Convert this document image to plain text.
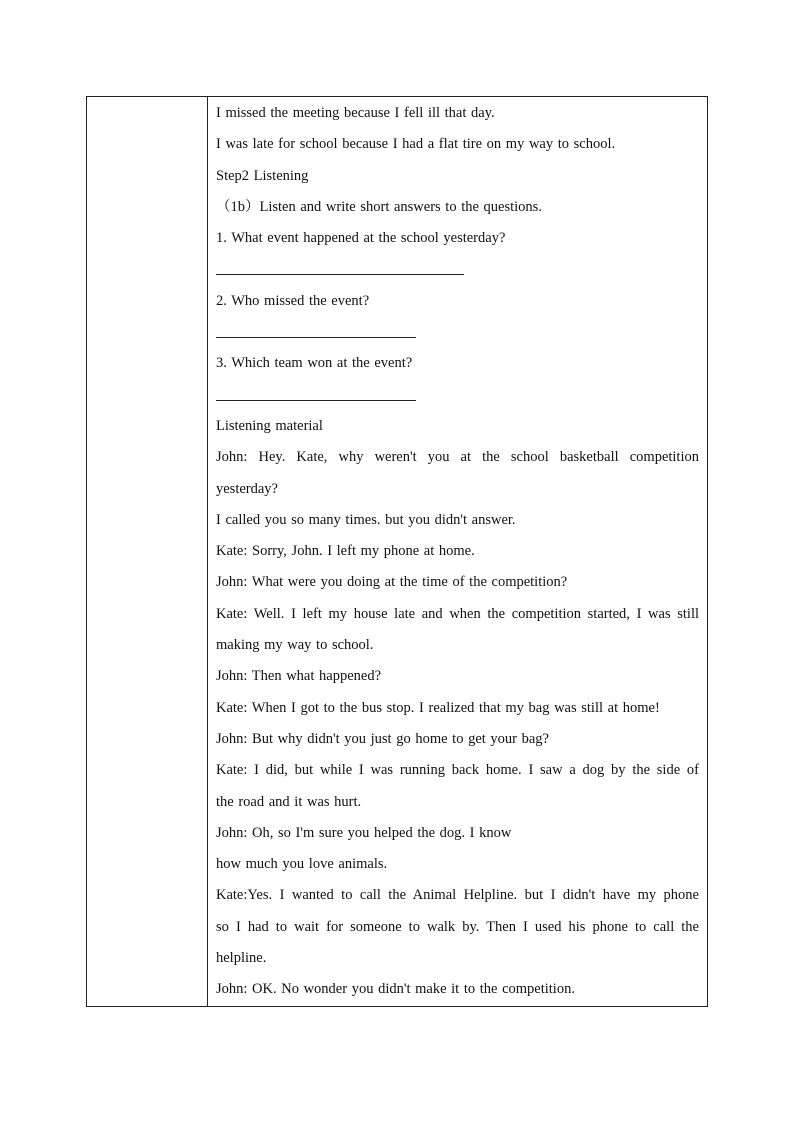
I missed the meeting because I fell ill that day.
I was late for school because I had a flat tire on my way to school.
Step2 Listening
（1b）Listen and write short answers to the questions.
1. What event happened at the school yesterday?
2. Who missed the event?
3. Which team won at the event?
Listening material
John: Hey. Kate, why weren't you at the school basketball competition
yesterday?
I called you so many times. but you didn't answer.
Kate: Sorry, John. I left my phone at home.
John: What were you doing at the time of the competition?
Kate: Well. I left my house late and when the competition started, I was still
making my way to school.
John: Then what happened?
Kate: When I got to the bus stop. I realized that my bag was still at home!
John: But why didn't you just go home to get your bag?
Kate: I did, but while I was running back home. I saw a dog by the side of
the road and it was hurt.
John: Oh, so I'm sure you helped the dog. I know
how much you love animals.
Kate:Yes. I wanted to call the Animal Helpline. but I didn't have my phone
so I had to wait for someone to walk by. Then I used his phone to call the
helpline.
John: OK. No wonder you didn't make it to the competition.
